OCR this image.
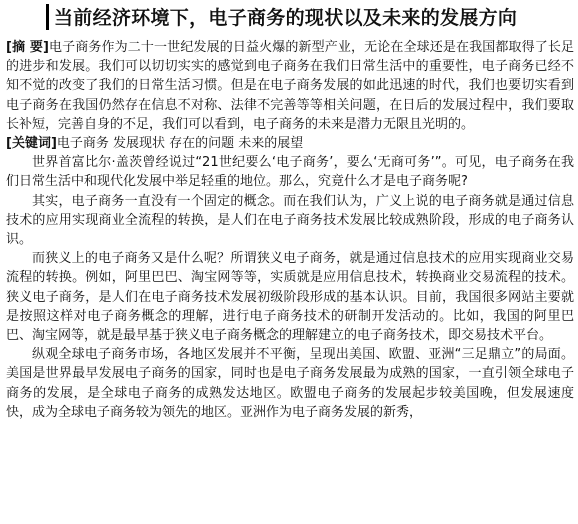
当前经济环境下，电子商务的现状以及未来的发展方向
[摘 要]电子商务作为二十一世纪发展的日益火爆的新型产业，无论在全球还是在我国都取得了长足的进步和发展。我们可以切切实实的感觉到电子商务在我们日常生活中的重要性，电子商务已经不知不觉的改变了我们的日常生活习惯。但是在电子商务发展的如此迅速的时代，我们也要切实看到电子商务在我国仍然存在信息不对称、法律不完善等等相关问题，在日后的发展过程中，我们要取长补短，完善自身的不足，我们可以看到，电子商务的未来是潜力无限且光明的。
[关键词]电子商务 发展现状 存在的问题 未来的展望

世界首富比尔·盖茨曾经说过“21世纪要么‘电子商务’，要么‘无商可务’”。可见，电子商务在我们日常生活中和现代化发展中举足轻重的地位。那么，究竟什么才是电子商务呢?

其实，电子商务一直没有一个固定的概念。而在我们认为，广义上说的电子商务就是通过信息技术的应用实现商业全流程的转换，是人们在电子商务技术发展比较成熟阶段，形成的电子商务认识。

而狭义上的电子商务又是什么呢？所谓狭义电子商务，就是通过信息技术的应用实现商业交易流程的转换。例如，阿里巴巴、淘宝网等等，实质就是应用信息技术，转换商业交易流程的技术。狭义电子商务，是人们在电子商务技术发展初级阶段形成的基本认识。目前，我国很多网站主要就是按照这样对电子商务概念的理解，进行电子商务技术的研制开发活动的。比如，我国的阿里巴巴、淘宝网等，就是最早基于狭义电子商务概念的理解建立的电子商务技术，即交易技术平台。

纵观全球电子商务市场，各地区发展并不平衡，呈现出美国、欧盟、亚洲“三足鼎立”的局面。美国是世界最早发展电子商务的国家，同时也是电子商务发展最为成熟的国家，一直引领全球电子商务的发展，是全球电子商务的成熟发达地区。欧盟电子商务的发展起步较美国晚，但发展速度快，成为全球电子商务较为领先的地区。亚洲作为电子商务发展的新秀，
